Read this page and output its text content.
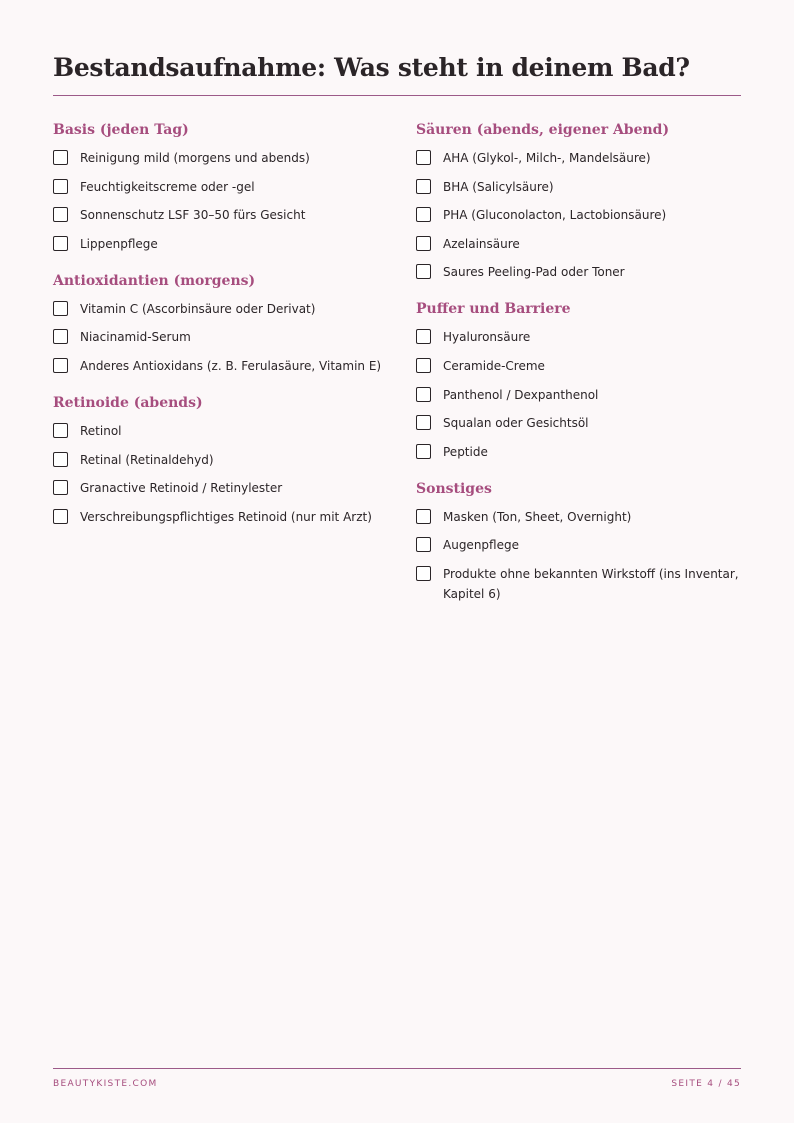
Bestandsaufnahme: Was steht in deinem Bad?
Basis (jeden Tag)
Reinigung mild (morgens und abends)
Feuchtigkeitscreme oder -gel
Sonnenschutz LSF 30–50 fürs Gesicht
Lippenpflege
Antioxidantien (morgens)
Vitamin C (Ascorbinsäure oder Derivat)
Niacinamid-Serum
Anderes Antioxidans (z. B. Ferulasäure, Vitamin E)
Retinoide (abends)
Retinol
Retinal (Retinaldehyd)
Granactive Retinoid / Retinylester
Verschreibungspflichtiges Retinoid (nur mit Arzt)
Säuren (abends, eigener Abend)
AHA (Glykol-, Milch-, Mandelsäure)
BHA (Salicylsäure)
PHA (Gluconolacton, Lactobionsäure)
Azelainsäure
Saures Peeling-Pad oder Toner
Puffer und Barriere
Hyaluronsäure
Ceramide-Creme
Panthenol / Dexpanthenol
Squalan oder Gesichtsöl
Peptide
Sonstiges
Masken (Ton, Sheet, Overnight)
Augenpflege
Produkte ohne bekannten Wirkstoff (ins Inventar, Kapitel 6)
BEAUTYKISTE.COM	SEITE 4 / 45
